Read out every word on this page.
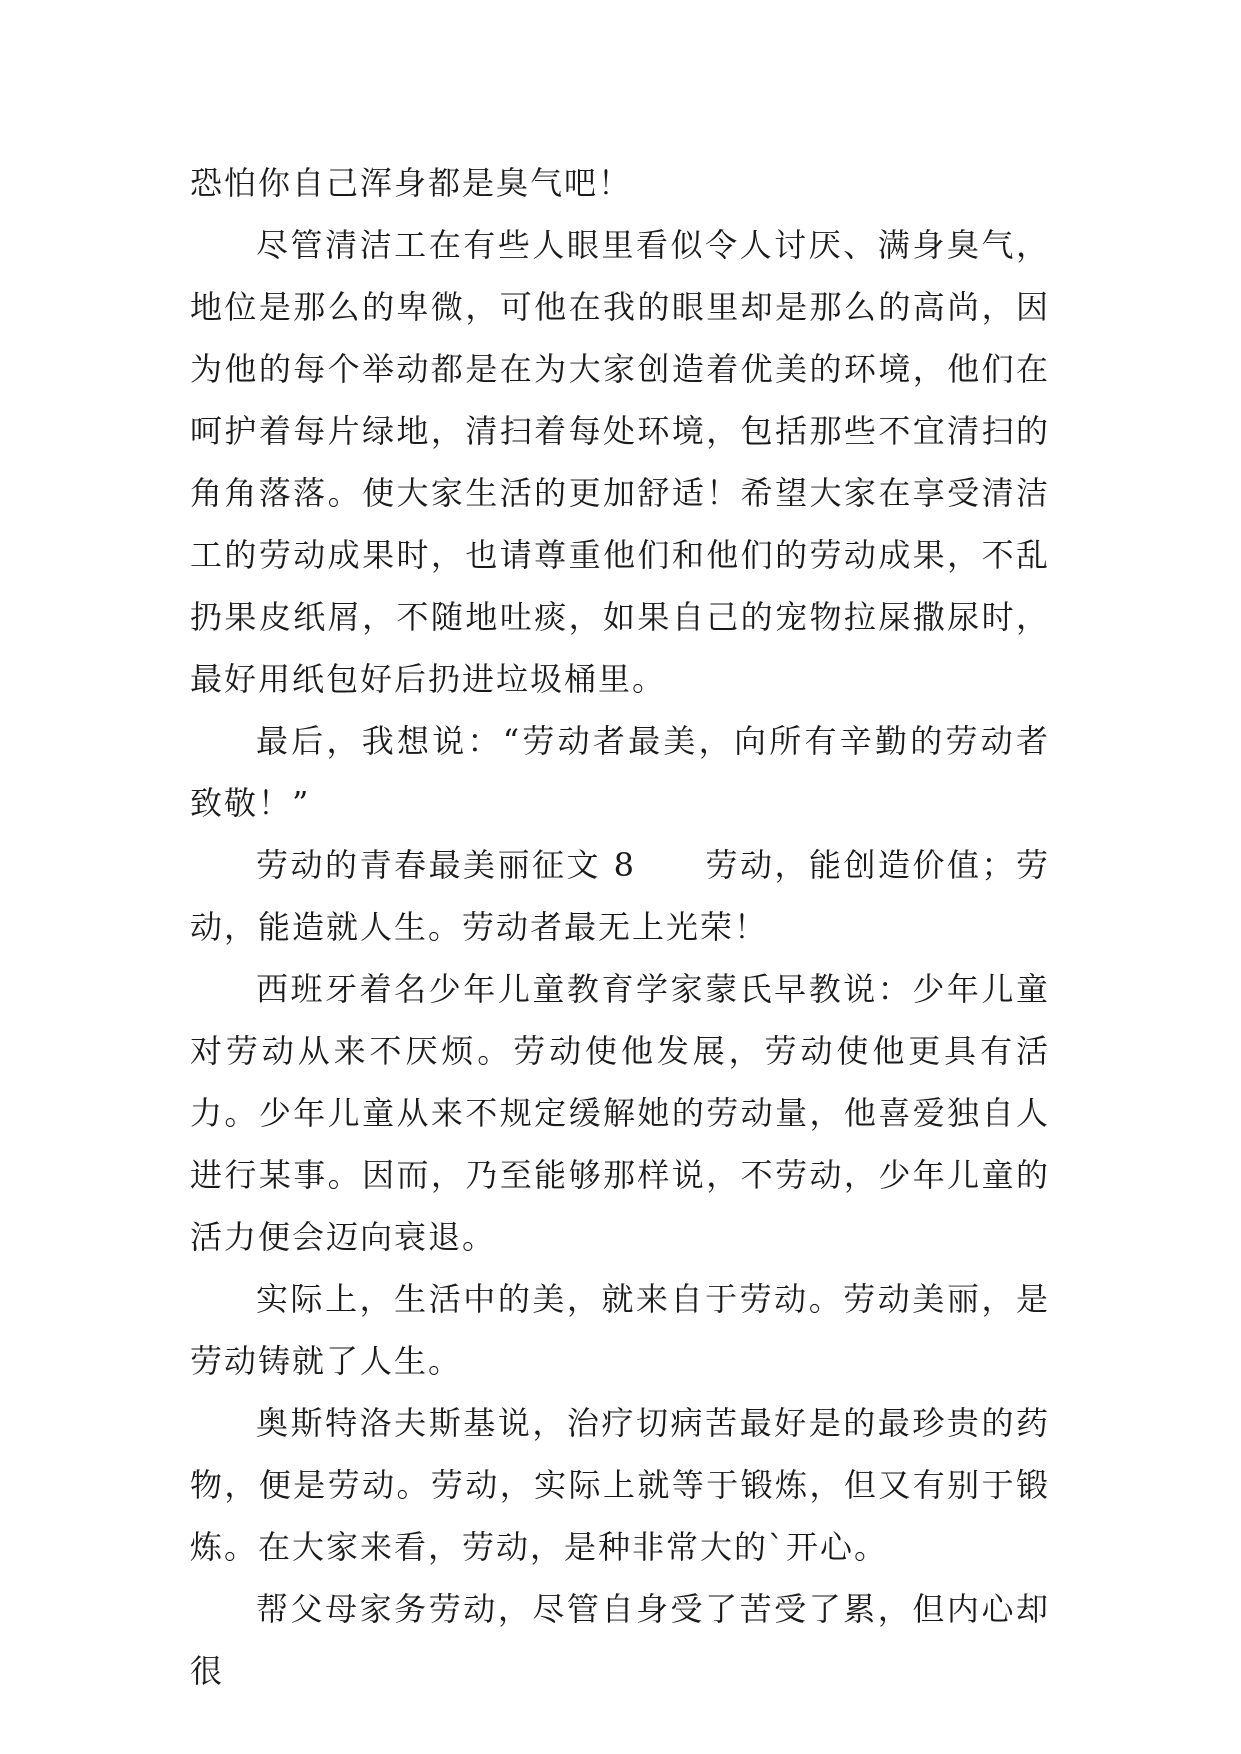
恐怕你自己浑身都是臭气吧！

尽管清洁工在有些人眼里看似令人讨厌、满身臭气，地位是那么的卑微，可他在我的眼里却是那么的高尚，因为他的每个举动都是在为大家创造着优美的环境，他们在呵护着每片绿地，清扫着每处环境，包括那些不宜清扫的角角落落。使大家生活的更加舒适！希望大家在享受清洁工的劳动成果时，也请尊重他们和他们的劳动成果，不乱扔果皮纸屑，不随地吐痰，如果自己的宠物拉屎撒尿时，最好用纸包好后扔进垃圾桶里。

最后，我想说：“劳动者最美，向所有辛勤的劳动者致敬！”

劳动的青春最美丽征文 8　　劳动，能创造价值；劳动，能造就人生。劳动者最无上光荣！

西班牙着名少年儿童教育学家蒙氏早教说：少年儿童对劳动从来不厌烦。劳动使他发展，劳动使他更具有活力。少年儿童从来不规定缓解她的劳动量，他喜爱独自人进行某事。因而，乃至能够那样说，不劳动，少年儿童的活力便会迈向衰退。

实际上，生活中的美，就来自于劳动。劳动美丽，是劳动铸就了人生。

奥斯特洛夫斯基说，治疗切病苦最好是的最珍贵的药物，便是劳动。劳动，实际上就等于锻炼，但又有别于锻炼。在大家来看，劳动，是种非常大的`开心。

帮父母家务劳动，尽管自身受了苦受了累，但内心却很
